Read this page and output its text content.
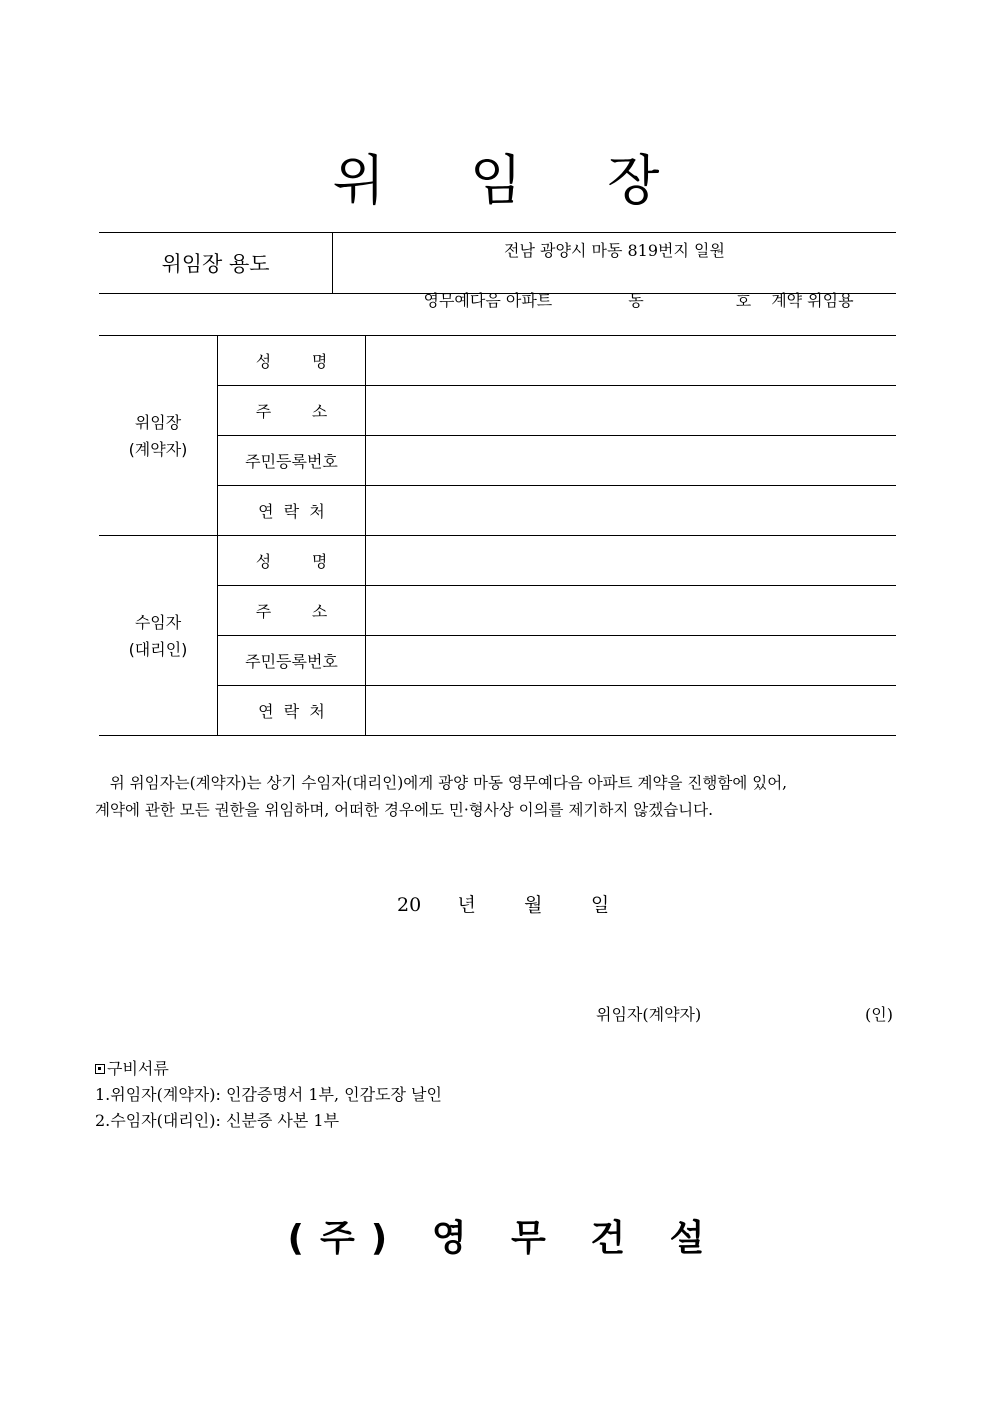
위 임 장
위임장 용도
전남 광양시 마동 819번지 일원

영무예다음 아파트	동	호 계약 위임용

위임장
(계약자)	성        명	
	주        소	
	주민등록번호	
	연  락  처	

수임자
(대리인)	성        명	
	주        소	
	주민등록번호	
	연  락  처	

위 위임자는(계약자)는 상기 수임자(대리인)에게 광양 마동 영무예다음 아파트 계약을 진행함에 있어,

계약에 관한 모든 권한을 위임하며, 어떠한 경우에도 민·형사상 이의를 제기하지 않겠습니다.

20 년	월	일
위임자(계약자)	(인)
구비서류
1.위임자(계약자): 인감증명서 1부, 인감도장 날인
2.수임자(대리인): 신분증 사본 1부
(주) 영 무 건 설
